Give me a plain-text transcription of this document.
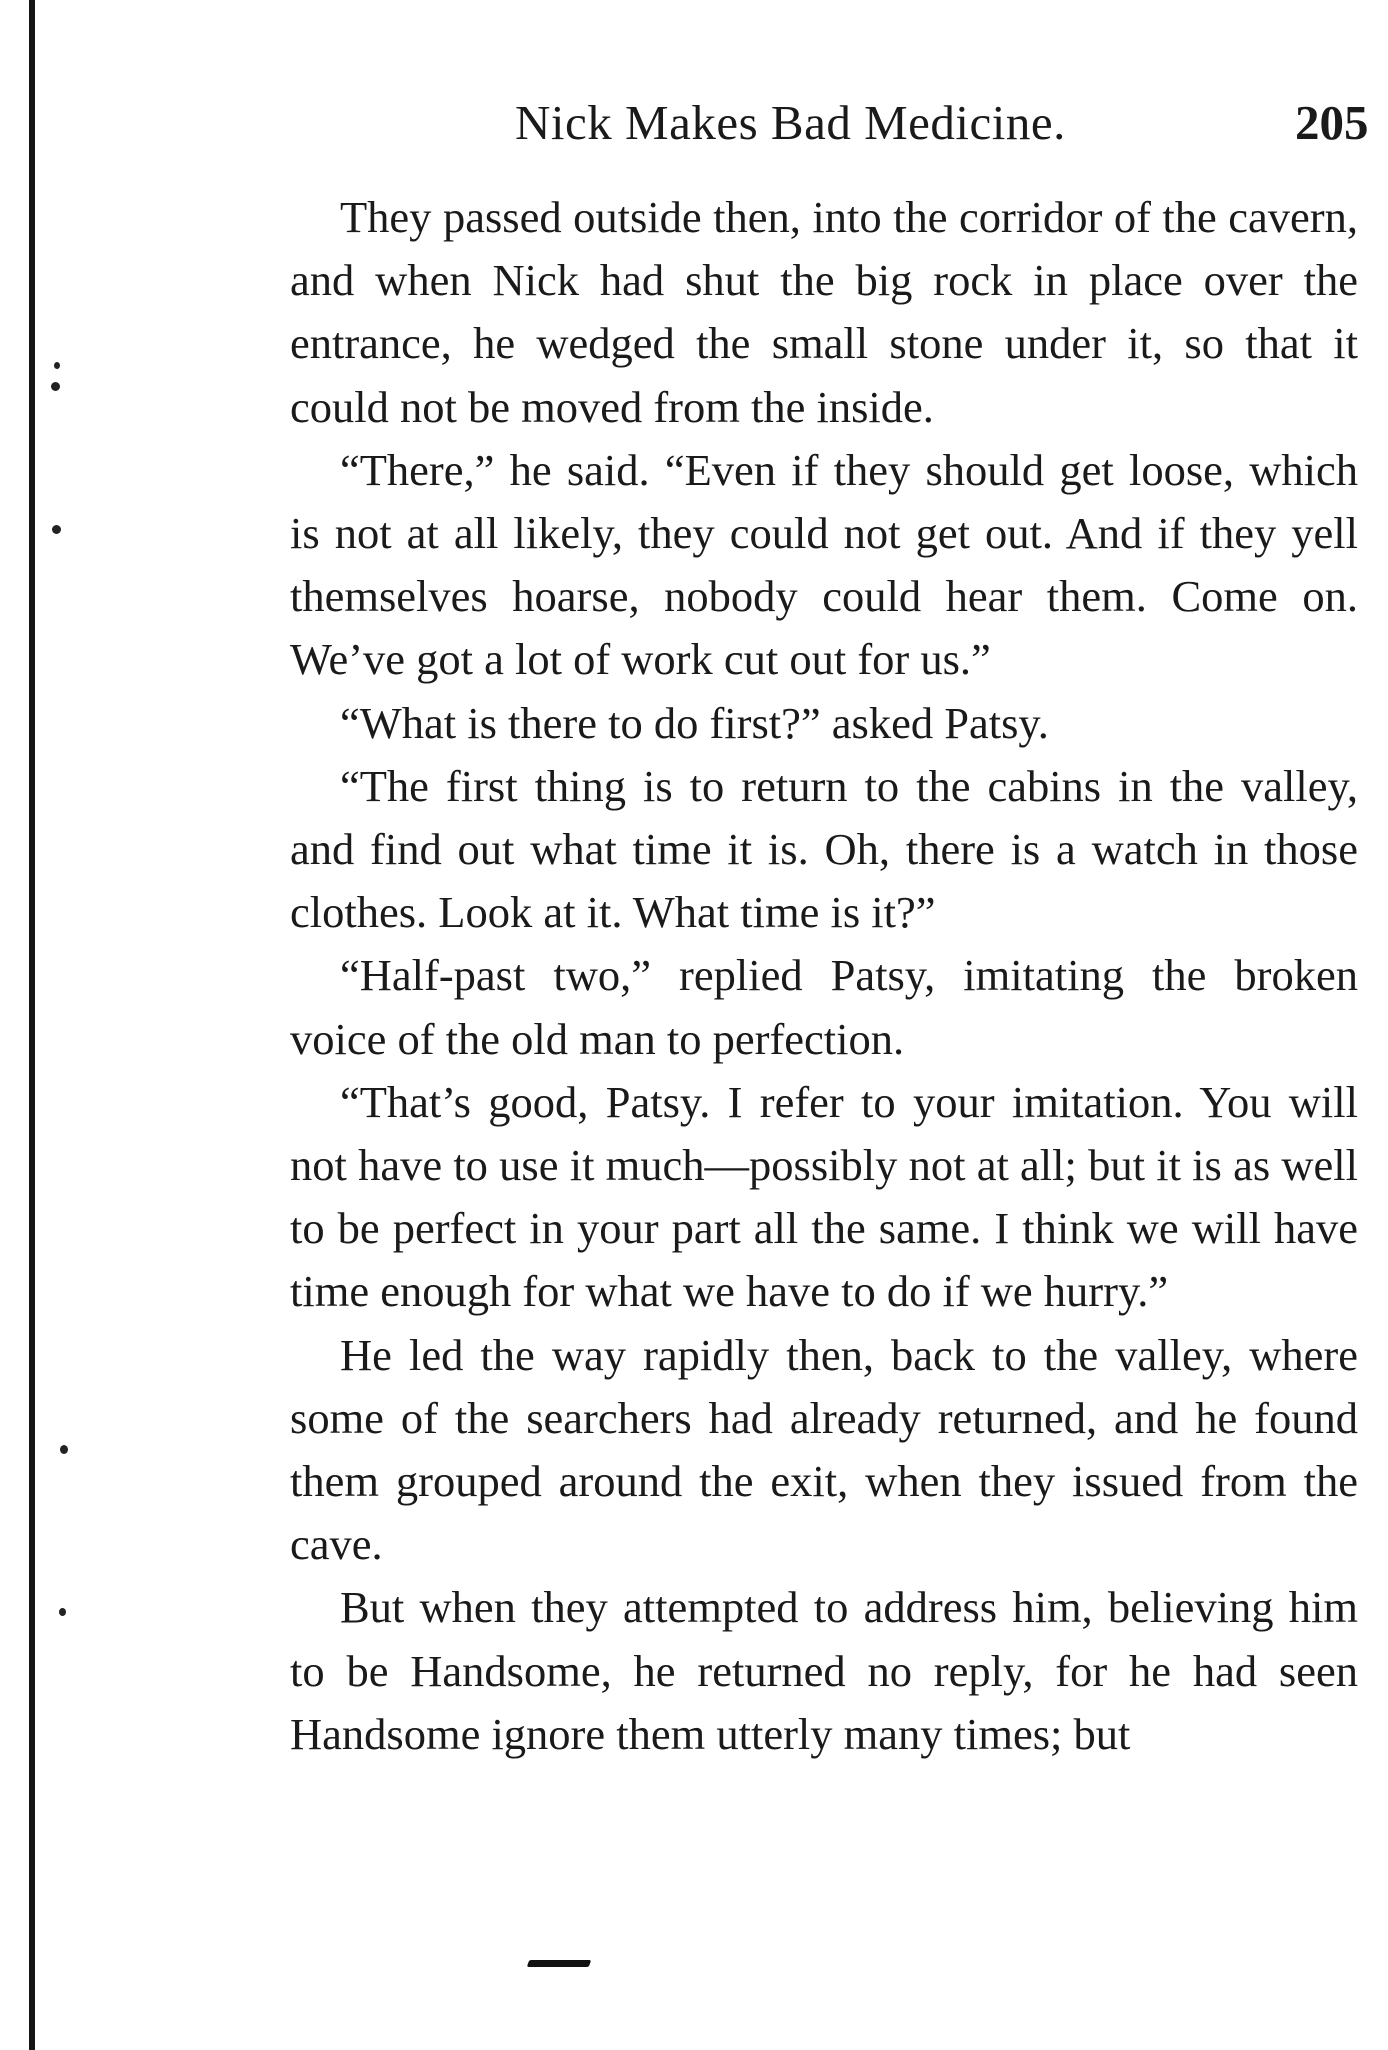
Nick Makes Bad Medicine.	205

They passed outside then, into the corridor of the cavern, and when Nick had shut the big rock in place over the entrance, he wedged the small stone under it, so that it could not be moved from the inside.

“There,” he said. “Even if they should get loose, which is not at all likely, they could not get out. And if they yell themselves hoarse, nobody could hear them. Come on. We’ve got a lot of work cut out for us.”

“What is there to do first?” asked Patsy.

“The first thing is to return to the cabins in the valley, and find out what time it is. Oh, there is a watch in those clothes. Look at it. What time is it?”

“Half-past two,” replied Patsy, imitating the broken voice of the old man to perfection.

“That’s good, Patsy. I refer to your imitation. You will not have to use it much—possibly not at all; but it is as well to be perfect in your part all the same. I think we will have time enough for what we have to do if we hurry.”

He led the way rapidly then, back to the valley, where some of the searchers had already returned, and he found them grouped around the exit, when they issued from the cave.

But when they attempted to address him, believing him to be Handsome, he returned no reply, for he had seen Handsome ignore them utterly many times; but
